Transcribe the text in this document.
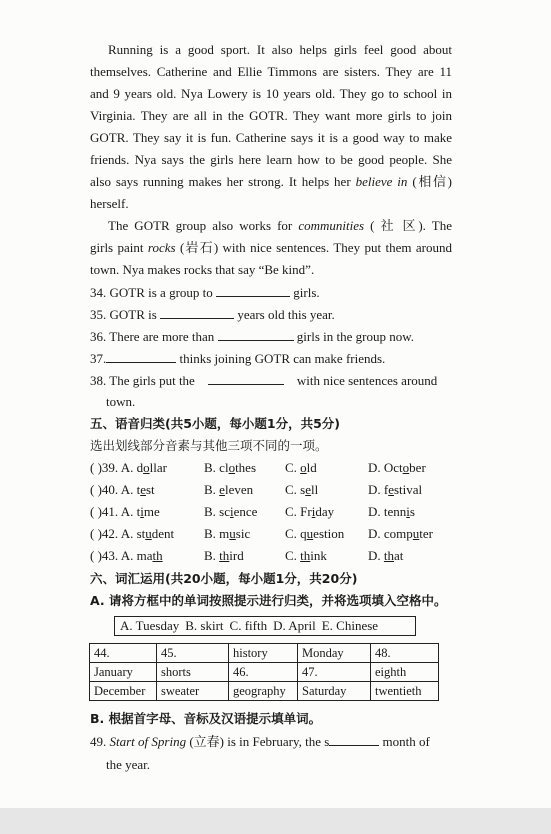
Running is a good sport. It also helps girls feel good about
themselves. Catherine and Ellie Timmons are sisters. They are 11
and 9 years old. Nya Lowery is 10 years old. They go to school in
Virginia. They are all in the GOTR. They want more girls to join
GOTR. They say it is fun. Catherine says it is a good way to make
friends. Nya says the girls here learn how to be good people. She
also says running makes her strong. It helps her believe in (相信)
herself.
The GOTR group also works for communities ( 社 区). The
girls paint rocks (岩石) with nice sentences. They put them around
town. Nya makes rocks that say “Be kind”.
34. GOTR is a group to	girls.
35. GOTR is	years old this year.
36. There are more than	girls in the group now.
37.	thinks joining GOTR can make friends.
38. The girls put the	with nice sentences around
town.
五、语音归类(共5小题，每小题1分，共5分)
选出划线部分音素与其他三项不同的一项。
( )39. A. dollar	B. clothes C. old	D. October
( )40. A. test	B. eleven C. sell	D. festival
( )41. A. time	B. science C. Friday	D. tennis
( )42. A. student B. music	C. question D. computer
( )43. A. math	B. third	C. think	D. that
六、词汇运用(共20小题，每小题1分，共20分)
A. 请将方框中的单词按照提示进行归类，并将选项填入空格中。
A. Tuesday B. skirt C. fifth D. April E. Chinese
44.	45.	history	Monday	48.
January	shorts	46.	47.	eighth
December	sweater	geography	Saturday	twentieth
B. 根据首字母、音标及汉语提示填单词。
49. Start of Spring (立春) is in February, the s	month of
the year.
